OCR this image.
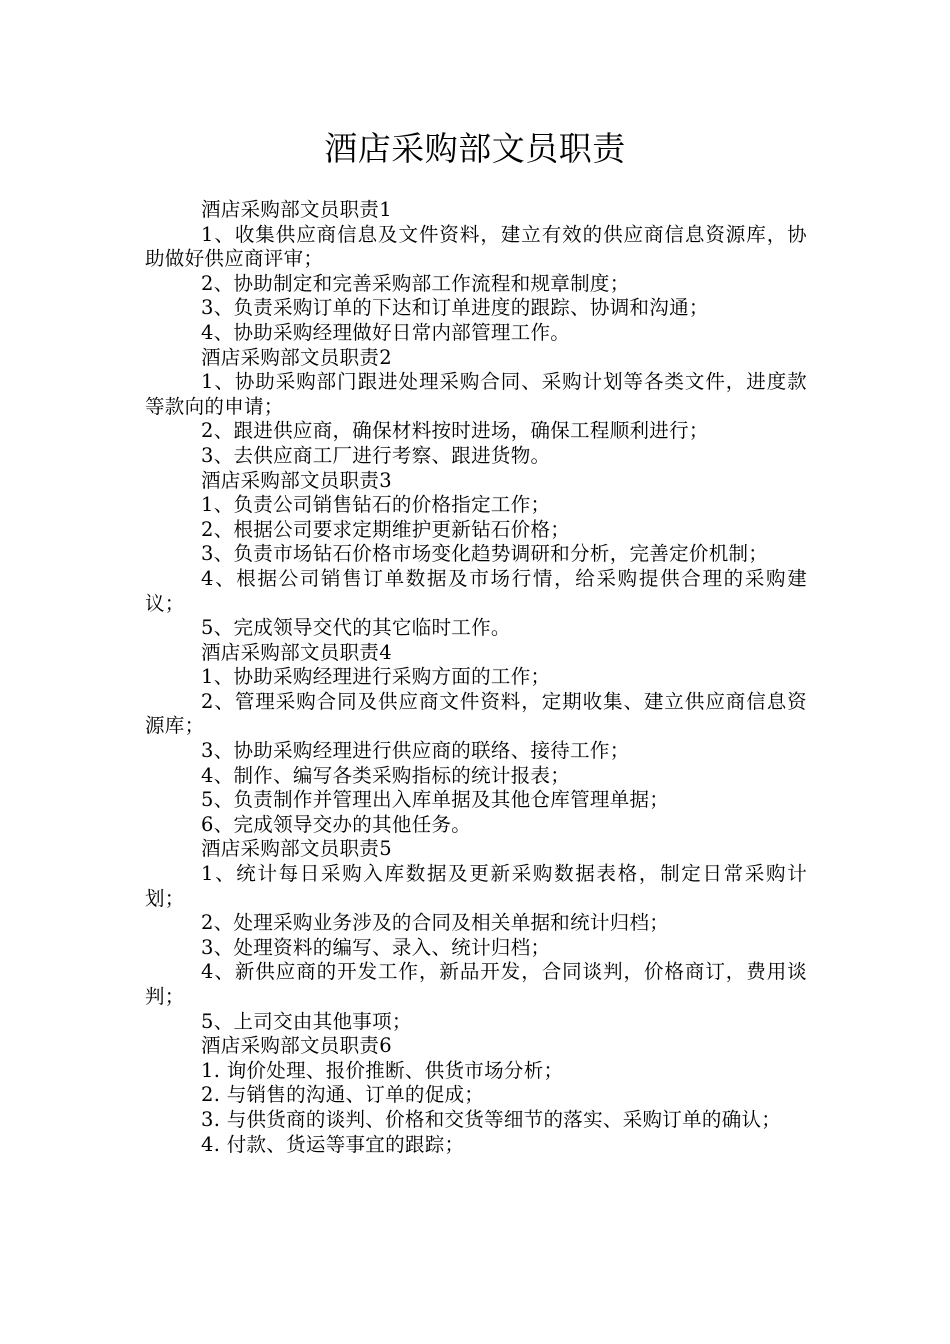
酒店采购部文员职责

酒店采购部文员职责1

1、收集供应商信息及文件资料，建立有效的供应商信息资源库，协助做好供应商评审；

2、协助制定和完善采购部工作流程和规章制度；

3、负责采购订单的下达和订单进度的跟踪、协调和沟通；

4、协助采购经理做好日常内部管理工作。

酒店采购部文员职责2

1、协助采购部门跟进处理采购合同、采购计划等各类文件，进度款等款向的申请；

2、跟进供应商，确保材料按时进场，确保工程顺利进行；

3、去供应商工厂进行考察、跟进货物。

酒店采购部文员职责3

1、负责公司销售钻石的价格指定工作；

2、根据公司要求定期维护更新钻石价格；

3、负责市场钻石价格市场变化趋势调研和分析，完善定价机制；

4、根据公司销售订单数据及市场行情，给采购提供合理的采购建议；

5、完成领导交代的其它临时工作。

酒店采购部文员职责4

1、协助采购经理进行采购方面的工作；

2、管理采购合同及供应商文件资料，定期收集、建立供应商信息资源库；

3、协助采购经理进行供应商的联络、接待工作；

4、制作、编写各类采购指标的统计报表；

5、负责制作并管理出入库单据及其他仓库管理单据；

6、完成领导交办的其他任务。

酒店采购部文员职责5

1、统计每日采购入库数据及更新采购数据表格，制定日常采购计划；

2、处理采购业务涉及的合同及相关单据和统计归档；

3、处理资料的编写、录入、统计归档；

4、新供应商的开发工作，新品开发，合同谈判，价格商订，费用谈判；

5、上司交由其他事项；

酒店采购部文员职责6

1. 询价处理、报价推断、供货市场分析；

2. 与销售的沟通、订单的促成；

3. 与供货商的谈判、价格和交货等细节的落实、采购订单的确认；

4. 付款、货运等事宜的跟踪；
